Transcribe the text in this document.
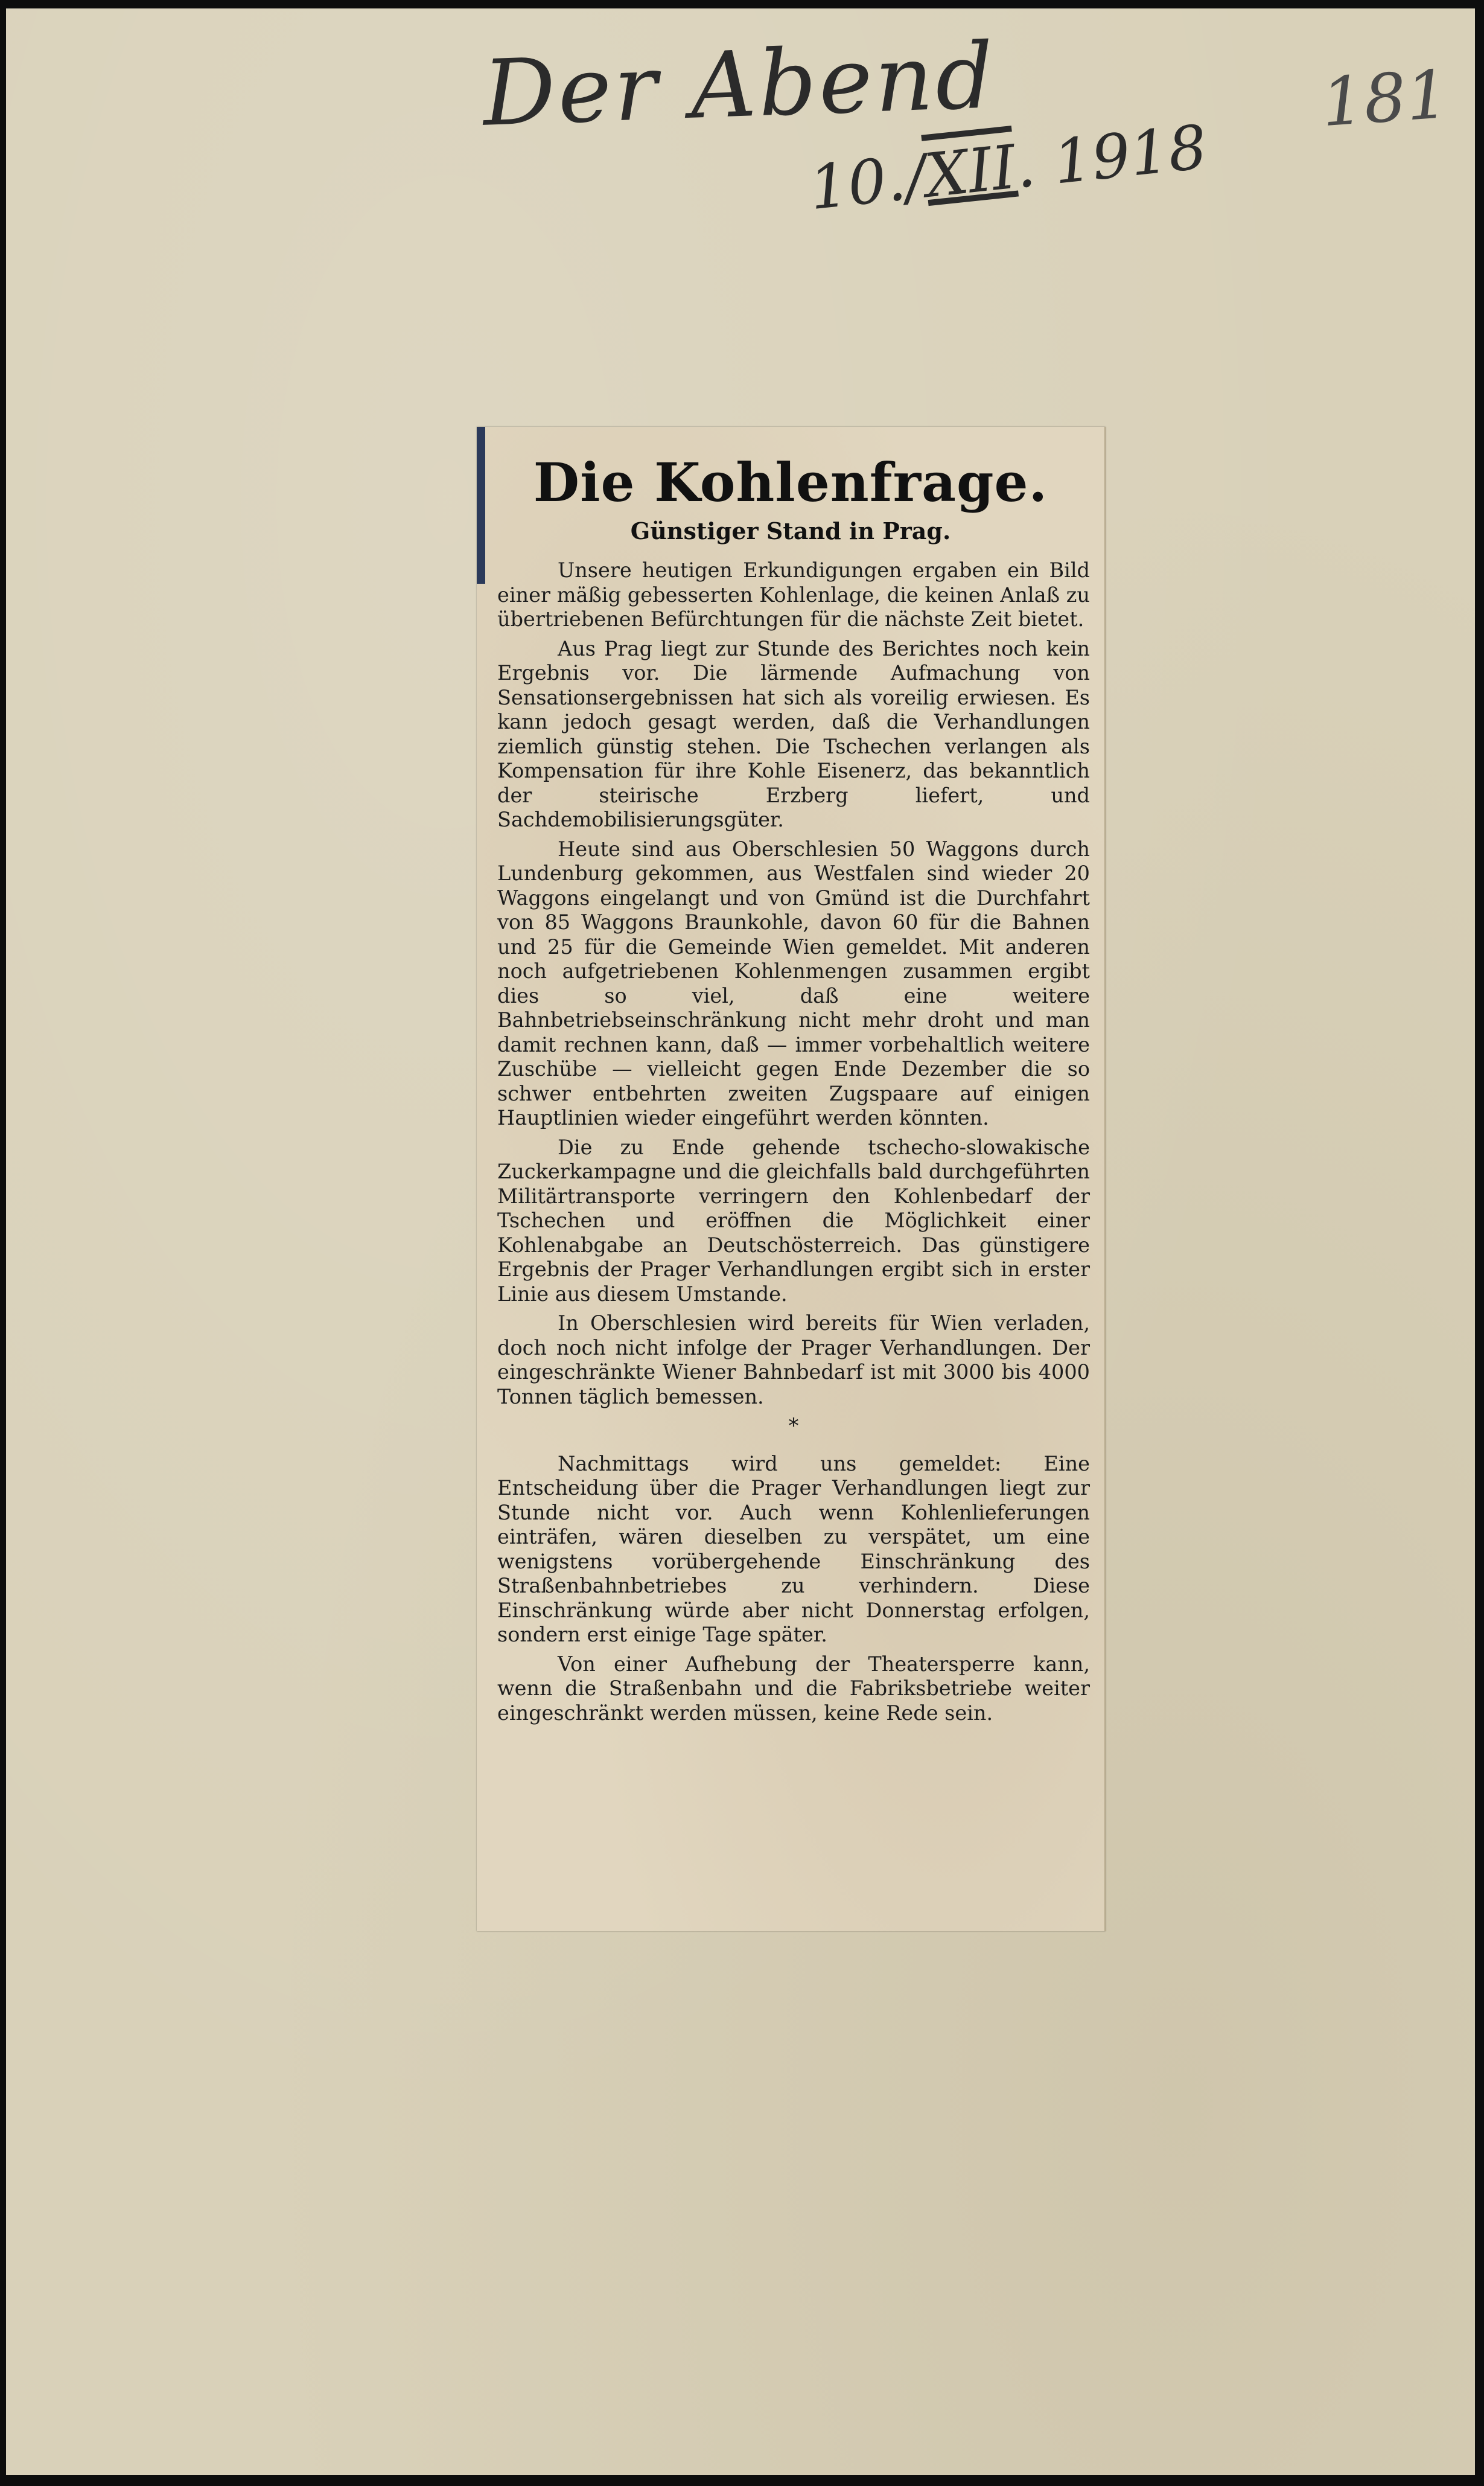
Der Abend
10./XII. 1918
181
Die Kohlenfrage.
Günstiger Stand in Prag.

Unsere heutigen Erkundigungen ergaben ein Bild einer mäßig gebesserten Kohlenlage, die keinen Anlaß zu übertriebenen Befürchtungen für die nächste Zeit bietet.

Aus Prag liegt zur Stunde des Berichtes noch kein Ergebnis vor. Die lärmende Aufmachung von Sensationsergebnissen hat sich als voreilig erwiesen. Es kann jedoch gesagt werden, daß die Verhandlungen ziemlich günstig stehen. Die Tschechen verlangen als Kompensation für ihre Kohle Eisenerz, das bekanntlich der steirische Erzberg liefert, und Sachdemobilisierungsgüter.

Heute sind aus Oberschlesien 50 Waggons durch Lundenburg gekommen, aus Westfalen sind wieder 20 Waggons eingelangt und von Gmünd ist die Durchfahrt von 85 Waggons Braunkohle, davon 60 für die Bahnen und 25 für die Gemeinde Wien gemeldet. Mit anderen noch aufgetriebenen Kohlenmengen zusammen ergibt dies so viel, daß eine weitere Bahnbetriebseinschränkung nicht mehr droht und man damit rechnen kann, daß — immer vorbehaltlich weitere Zuschübe — vielleicht gegen Ende Dezember die so schwer entbehrten zweiten Zugspaare auf einigen Hauptlinien wieder eingeführt werden könnten.

Die zu Ende gehende tschecho-slowakische Zuckerkampagne und die gleichfalls bald durchgeführten Militärtransporte verringern den Kohlenbedarf der Tschechen und eröffnen die Möglichkeit einer Kohlenabgabe an Deutschösterreich. Das günstigere Ergebnis der Prager Verhandlungen ergibt sich in erster Linie aus diesem Umstande.

In Oberschlesien wird bereits für Wien verladen, doch noch nicht infolge der Prager Verhandlungen. Der eingeschränkte Wiener Bahnbedarf ist mit 3000 bis 4000 Tonnen täglich bemessen.

*

Nachmittags wird uns gemeldet: Eine Entscheidung über die Prager Verhandlungen liegt zur Stunde nicht vor. Auch wenn Kohlenlieferungen einträfen, wären dieselben zu verspätet, um eine wenigstens vorübergehende Einschränkung des Straßenbahnbetriebes zu verhindern. Diese Einschränkung würde aber nicht Donnerstag erfolgen, sondern erst einige Tage später.

Von einer Aufhebung der Theatersperre kann, wenn die Straßenbahn und die Fabriksbetriebe weiter eingeschränkt werden müssen, keine Rede sein.
